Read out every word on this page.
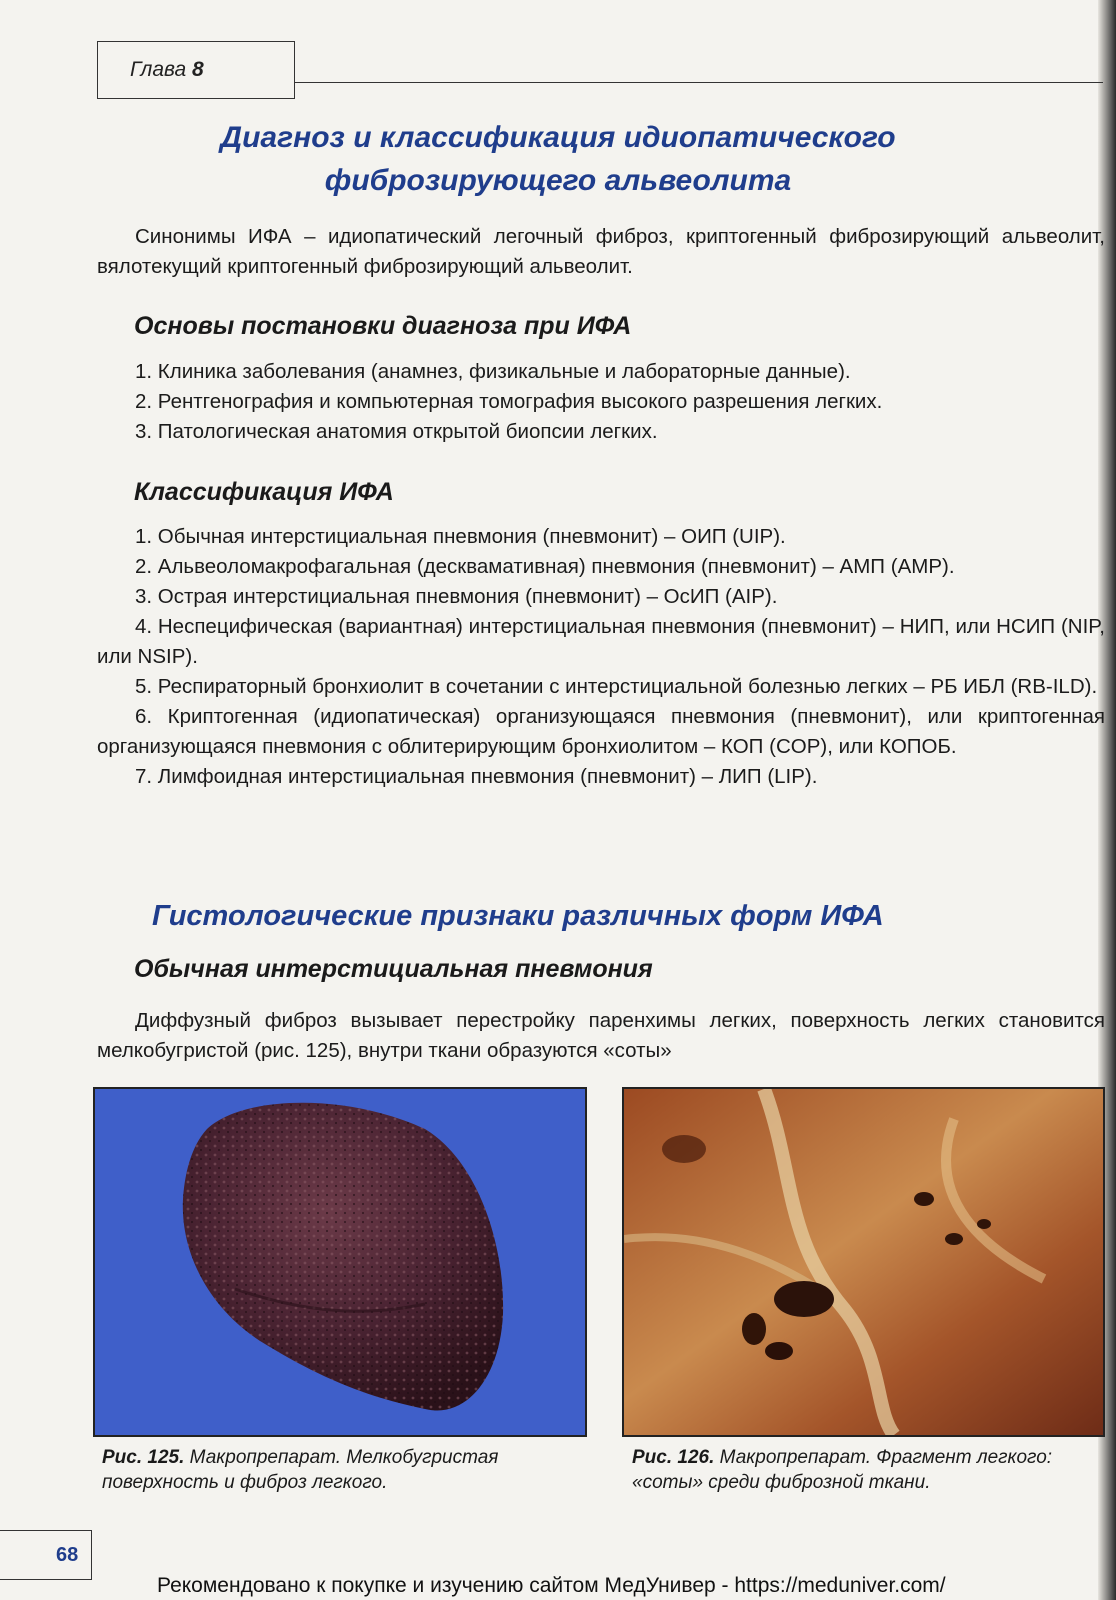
Глава 8
Диагноз и классификация идиопатического
фиброзирующего альвеолита
Синонимы ИФА – идиопатический легочный фиброз, криптогенный фиброзирующий альвеолит, вялотекущий криптогенный фиброзирующий альвеолит.
Основы постановки диагноза при ИФА
1. Клиника заболевания (анамнез, физикальные и лабораторные данные).
2. Рентгенография и компьютерная томография высокого разрешения легких.
3. Патологическая анатомия открытой биопсии легких.
Классификация ИФА
1. Обычная интерстициальная пневмония (пневмонит) – ОИП (UIP).
2. Альвеоломакрофагальная (десквамативная) пневмония (пневмонит) – АМП (AMP).
3. Острая интерстициальная пневмония (пневмонит) – ОсИП (AIP).
4. Неспецифическая (вариантная) интерстициальная пневмония (пневмонит) – НИП, или НСИП (NIP, или NSIP).
5. Респираторный бронхиолит в сочетании с интерстициальной болезнью легких – РБ ИБЛ (RB-ILD).
6. Криптогенная (идиопатическая) организующаяся пневмония (пневмонит), или криптогенная организующаяся пневмония с облитерирующим бронхиолитом – КОП (COP), или КОПОБ.
7. Лимфоидная интерстициальная пневмония (пневмонит) – ЛИП (LIP).
Гистологические признаки различных форм ИФА
Обычная интерстициальная пневмония
Диффузный фиброз вызывает перестройку паренхимы легких, поверхность легких становится мелкобугристой (рис. 125), внутри ткани образуются «соты»
Рис. 125. Макропрепарат. Мелкобугристая поверхность и фиброз легкого.
Рис. 126. Макропрепарат. Фрагмент легкого: «соты» среди фиброзной ткани.
68
Рекомендовано к покупке и изучению сайтом МедУнивер - https://meduniver.com/
